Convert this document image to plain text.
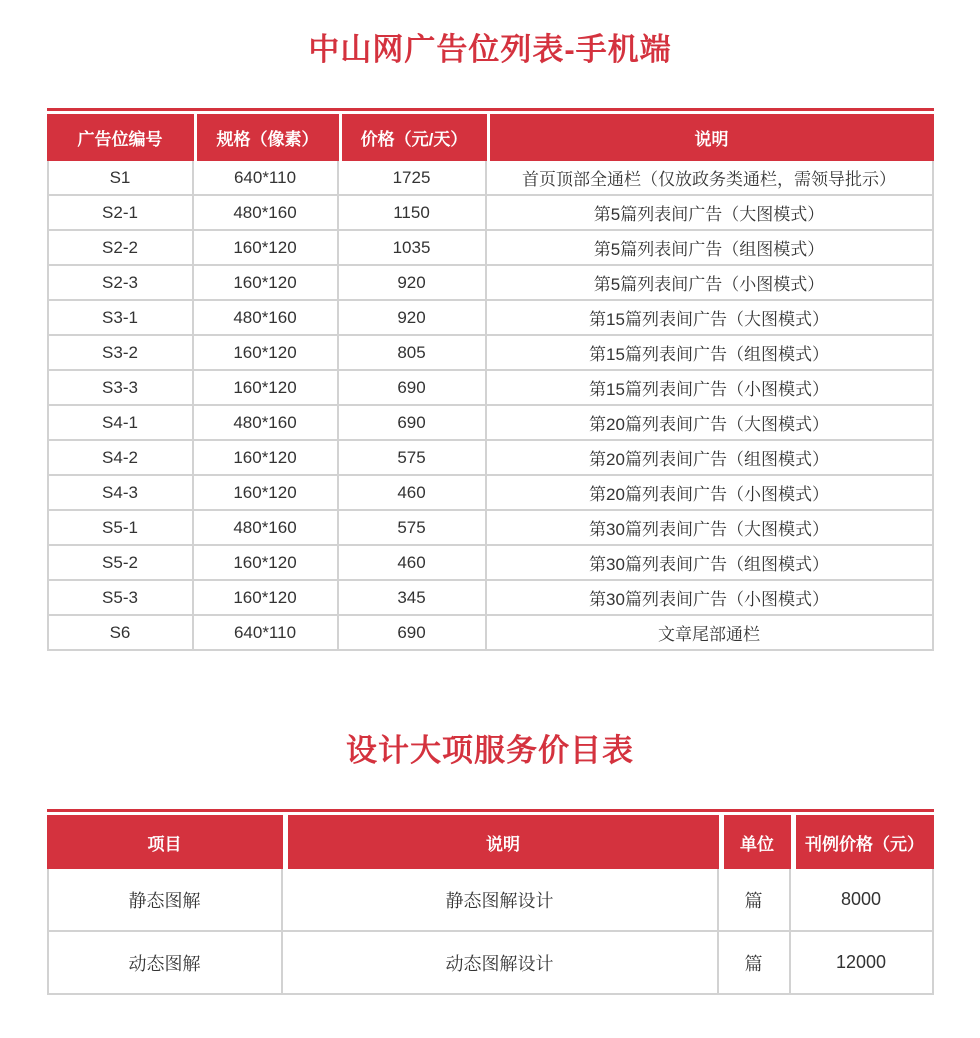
中山网广告位列表-手机端
广告位编号	规格（像素）	价格（元/天）	说明
S1	640*110	1725	首页顶部全通栏（仅放政务类通栏，需领导批示）
S2-1	480*160	1150	第5篇列表间广告（大图模式）
S2-2	160*120	1035	第5篇列表间广告（组图模式）
S2-3	160*120	920	第5篇列表间广告（小图模式）
S3-1	480*160	920	第15篇列表间广告（大图模式）
S3-2	160*120	805	第15篇列表间广告（组图模式）
S3-3	160*120	690	第15篇列表间广告（小图模式）
S4-1	480*160	690	第20篇列表间广告（大图模式）
S4-2	160*120	575	第20篇列表间广告（组图模式）
S4-3	160*120	460	第20篇列表间广告（小图模式）
S5-1	480*160	575	第30篇列表间广告（大图模式）
S5-2	160*120	460	第30篇列表间广告（组图模式）
S5-3	160*120	345	第30篇列表间广告（小图模式）
S6	640*110	690	文章尾部通栏
设计大项服务价目表
项目	说明	单位	刊例价格（元）
静态图解	静态图解设计	篇	8000
动态图解	动态图解设计	篇	12000
